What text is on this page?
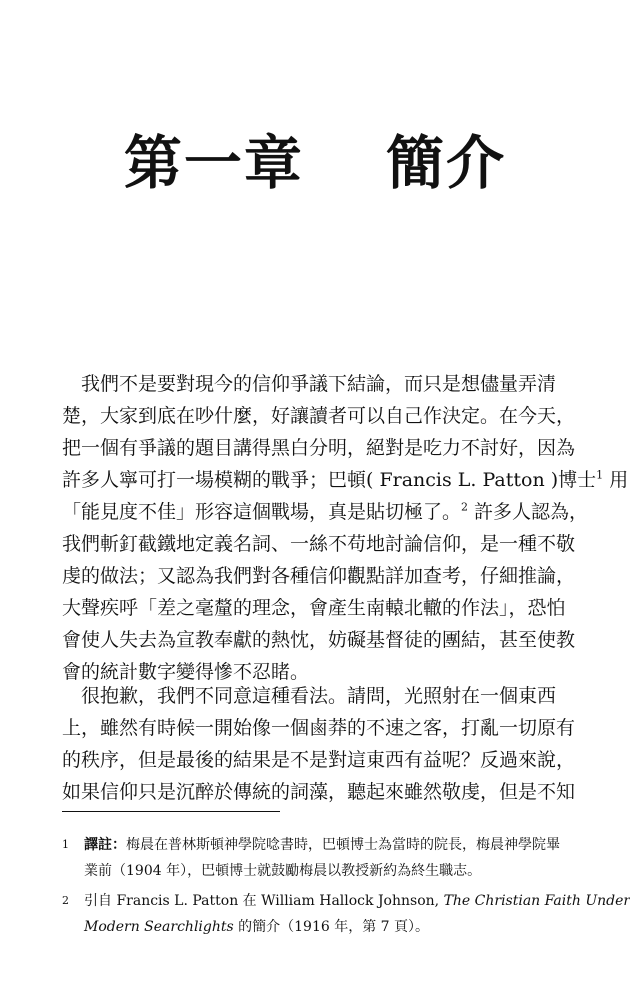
第一章　 簡介
　我們不是要對現今的信仰爭議下結論，而只是想儘量弄清
楚，大家到底在吵什麼，好讓讀者可以自己作決定。在今天，
把一個有爭議的題目講得黑白分明，絕對是吃力不討好，因為
許多人寧可打一場模糊的戰爭；巴頓( Francis L. Patton )博士$^1$ 用
「能見度不佳」形容這個戰場，真是貼切極了。$^2$ 許多人認為，
我們斬釘截鐵地定義名詞、一絲不苟地討論信仰，是一種不敬
虔的做法；又認為我們對各種信仰觀點詳加查考，仔細推論，
大聲疾呼「差之毫釐的理念，會產生南轅北轍的作法」，恐怕
會使人失去為宣教奉獻的熱忱，妨礙基督徒的團結，甚至使教
會的統計數字變得慘不忍睹。
　很抱歉，我們不同意這種看法。請問，光照射在一個東西
上，雖然有時候一開始像一個鹵莽的不速之客，打亂一切原有
的秩序，但是最後的結果是不是對這東西有益呢？反過來說，
如果信仰只是沉醉於傳統的詞藻，聽起來雖然敬虔，但是不知
1 譯註：梅晨在普林斯頓神學院唸書時，巴頓博士為當時的院長，梅晨神學院畢
業前（1904 年），巴頓博士就鼓勵梅晨以教授新約為終生職志。
2 引自 Francis L. Patton 在 William Hallock Johnson, The Christian Faith Under
Modern Searchlights 的簡介（1916 年，第 7 頁）。
